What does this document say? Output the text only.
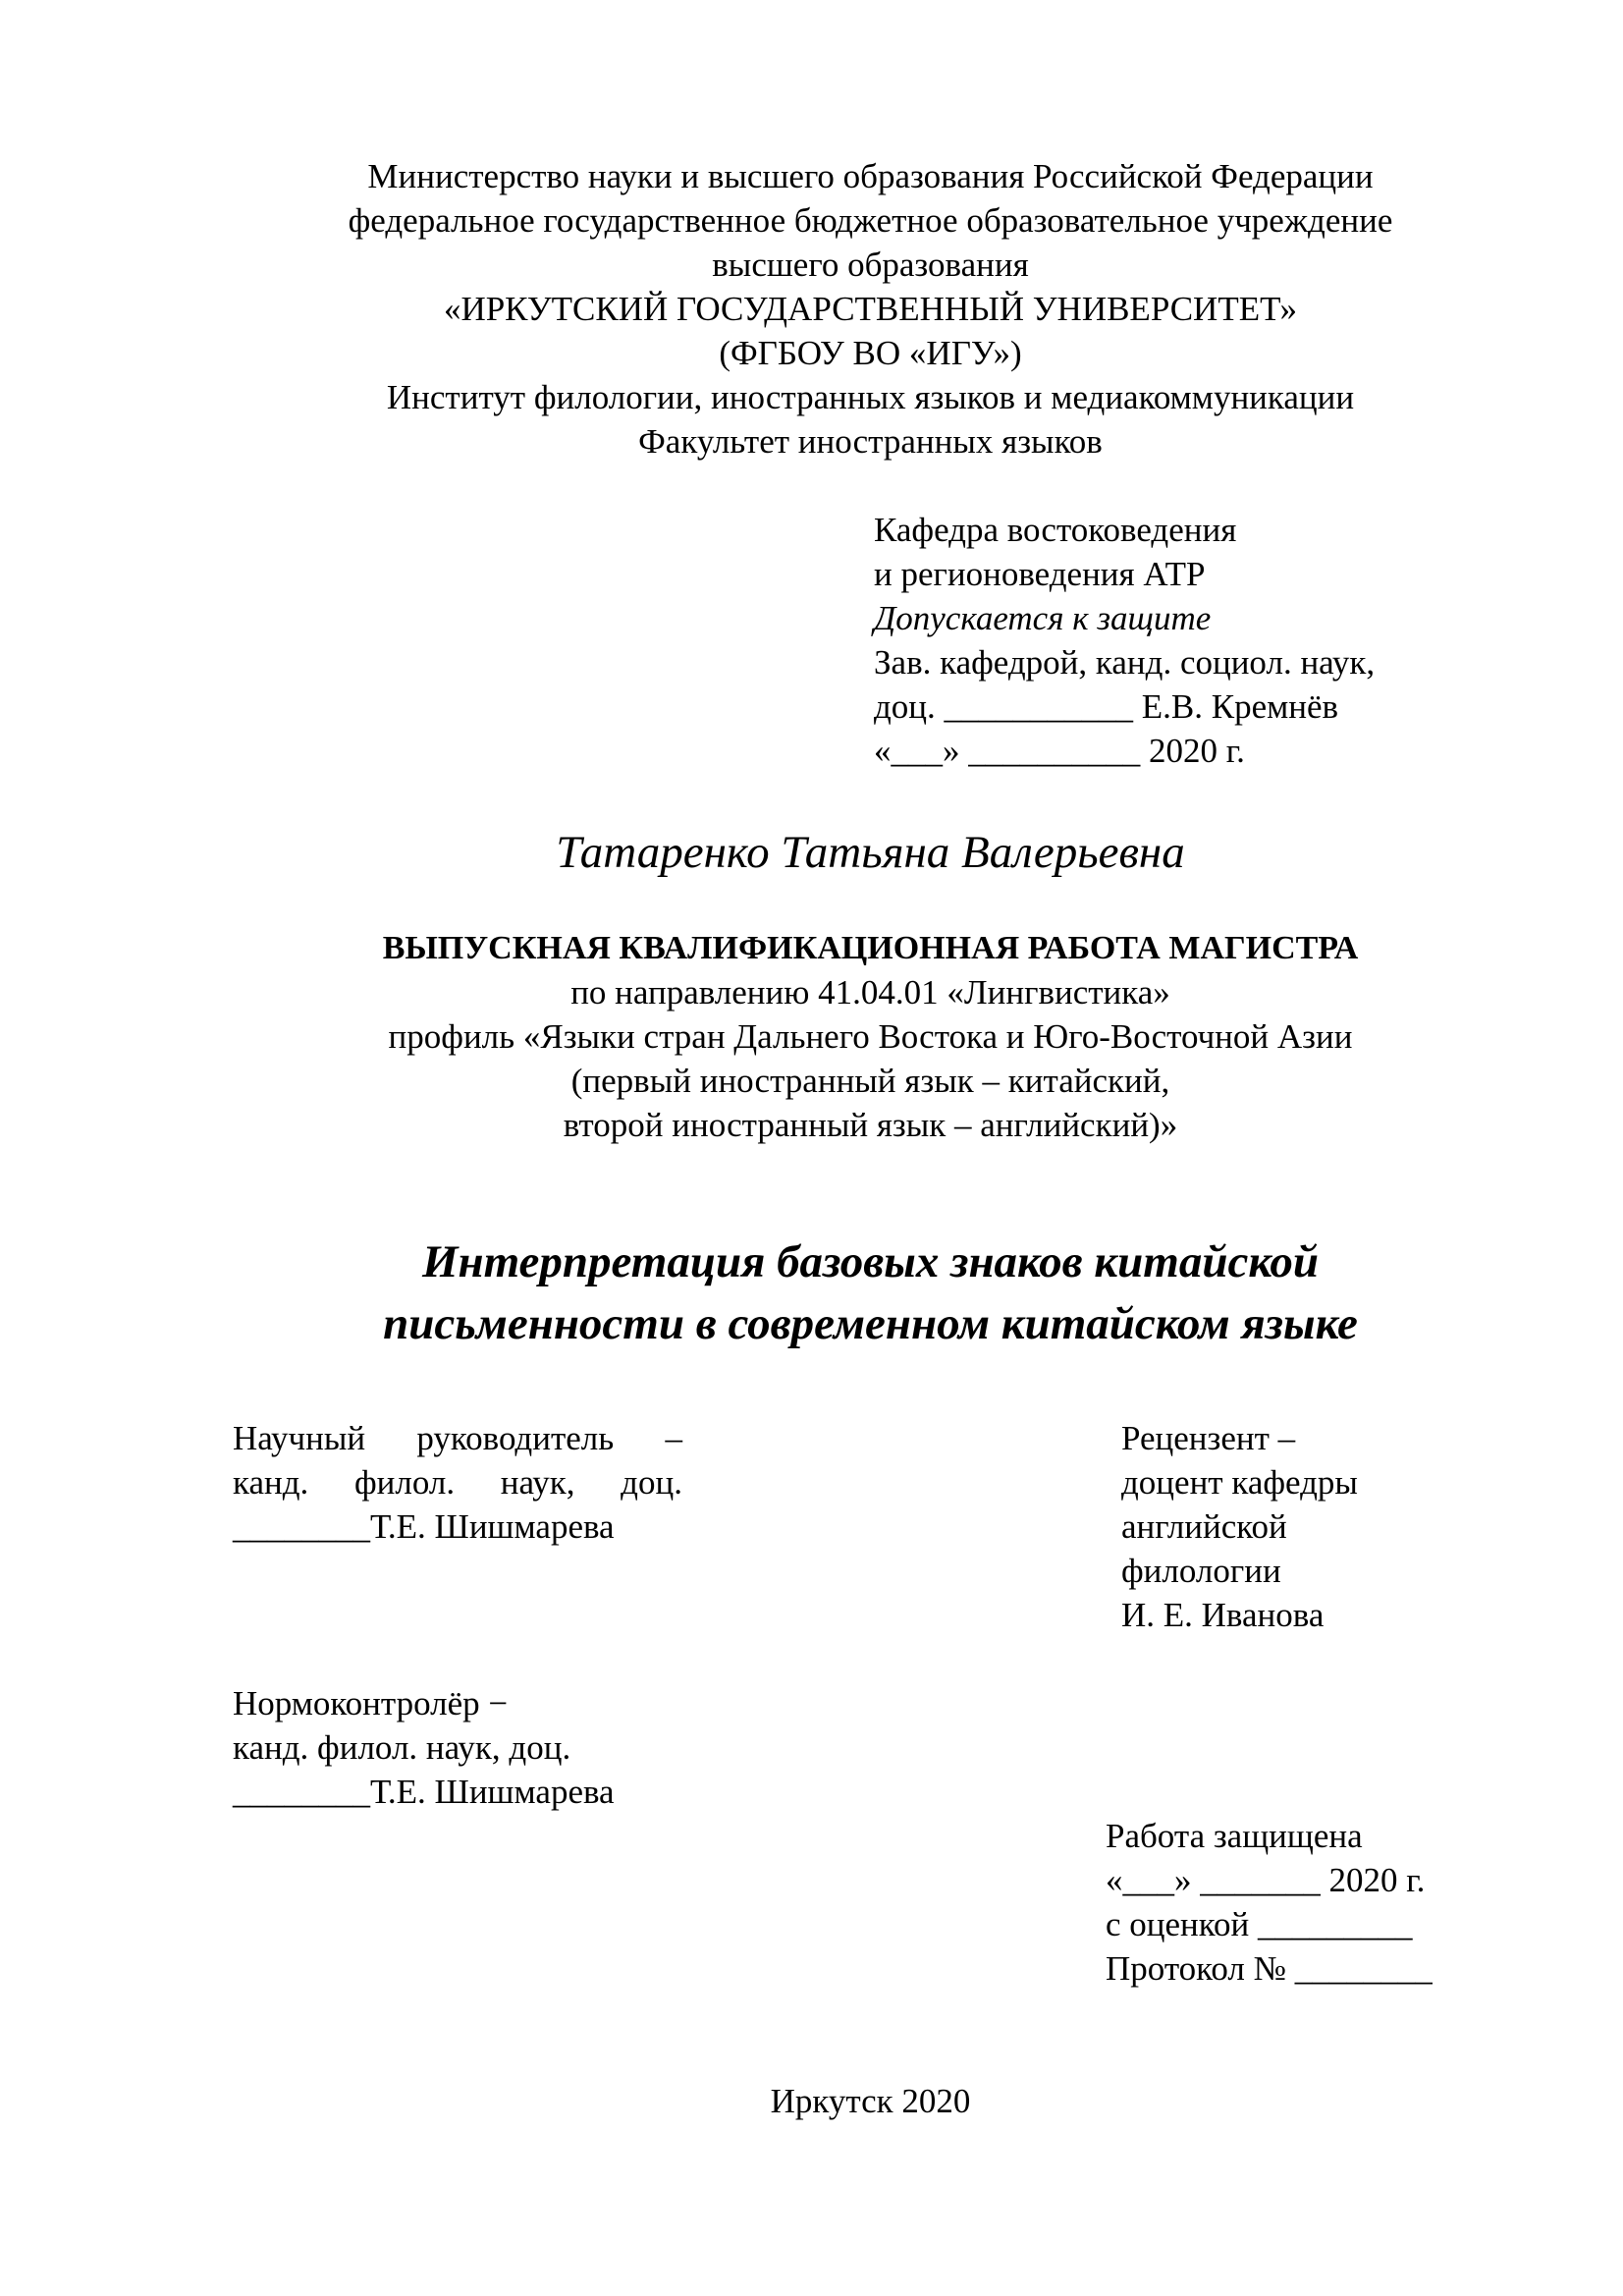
Министерство науки и высшего образования Российской Федерации
федеральное государственное бюджетное образовательное учреждение
высшего образования
«ИРКУТСКИЙ ГОСУДАРСТВЕННЫЙ УНИВЕРСИТЕТ»
(ФГБОУ ВО «ИГУ»)
Институт филологии, иностранных языков и медиакоммуникации
Факультет иностранных языков
Кафедра востоковедения
и регионоведения АТР
Допускается к защите
Зав. кафедрой, канд. социол. наук,
доц. ___________ Е.В. Кремнёв
«___» __________ 2020 г.
Татаренко Татьяна Валерьевна
ВЫПУСКНАЯ КВАЛИФИКАЦИОННАЯ РАБОТА МАГИСТРА
по направлению 41.04.01 «Лингвистика»
профиль «Языки стран Дальнего Востока и Юго-Восточной Азии
(первый иностранный язык – китайский,
второй иностранный язык – английский)»
Интерпретация базовых знаков китайской
письменности в современном китайском языке
Научный руководитель –
канд. филол. наук, доц.
________Т.Е. Шишмарева
Рецензент –
доцент кафедры
английской
филологии
И. Е. Иванова
Нормоконтролёр −
канд. филол. наук, доц.
________Т.Е. Шишмарева
Работа защищена
«___» _______ 2020 г.
с оценкой _________
Протокол № ________
Иркутск 2020
